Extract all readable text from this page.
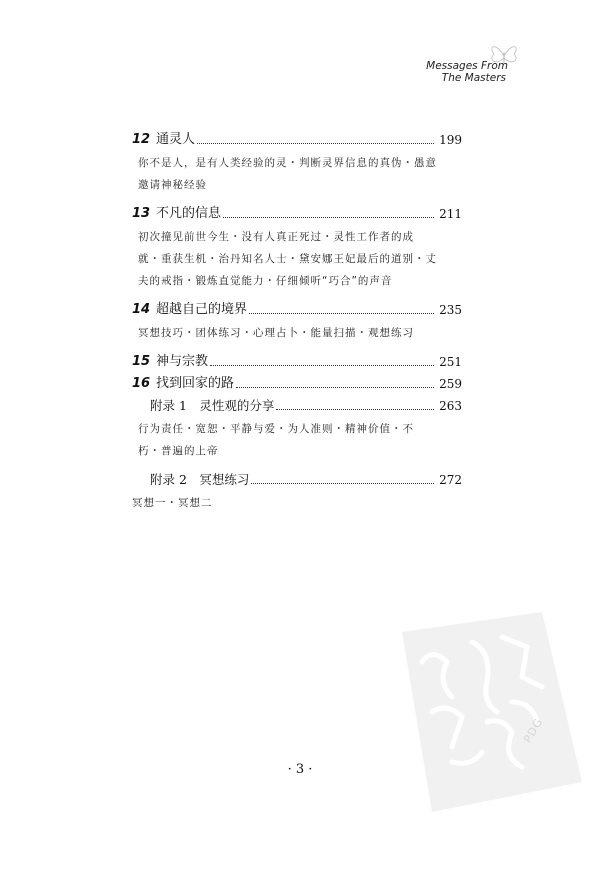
Messages From
The Masters
12 通灵人	199
你不是人，是有人类经验的灵・判断灵界信息的真伪・愚意
邀请神秘经验
13 不凡的信息	211
初次撞见前世今生・没有人真正死过・灵性工作者的成
就・重获生机・治丹知名人士・黛安娜王妃最后的道别・丈
夫的戒指・锻炼直觉能力・仔细倾听“巧合”的声音
14 超越自己的境界	235
冥想技巧・团体练习・心理占卜・能量扫描・观想练习
15 神与宗教	251
16 找到回家的路	259
附录 1　灵性观的分享	263
行为责任・宽恕・平静与爱・为人准则・精神价值・不
朽・普遍的上帝
附录 2　冥想练习	272
冥想一・冥想二
PDG
· 3 ·
